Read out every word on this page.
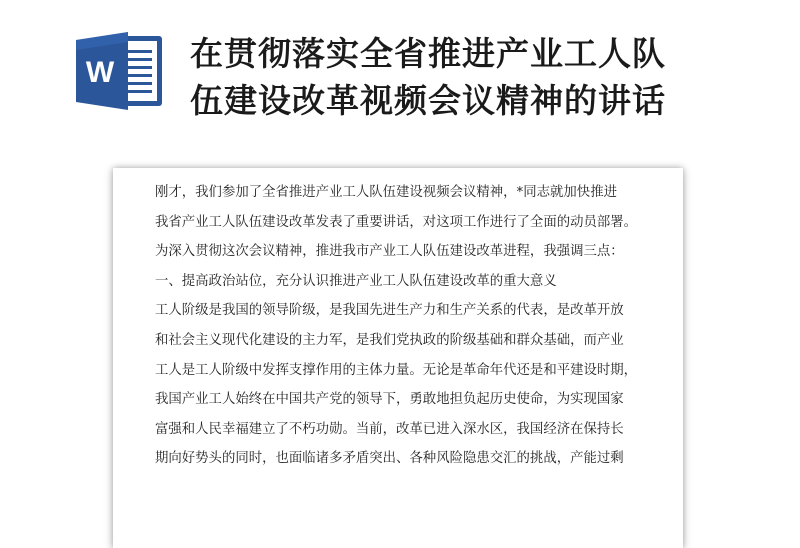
W 在贯彻落实全省推进产业工人队
伍建设改革视频会议精神的讲话

刚才，我们参加了全省推进产业工人队伍建设视频会议精神，*同志就加快推进

我省产业工人队伍建设改革发表了重要讲话，对这项工作进行了全面的动员部署。

为深入贯彻这次会议精神，推进我市产业工人队伍建设改革进程，我强调三点：

一、提高政治站位，充分认识推进产业工人队伍建设改革的重大意义

工人阶级是我国的领导阶级，是我国先进生产力和生产关系的代表，是改革开放

和社会主义现代化建设的主力军，是我们党执政的阶级基础和群众基础，而产业

工人是工人阶级中发挥支撑作用的主体力量。无论是革命年代还是和平建设时期，

我国产业工人始终在中国共产党的领导下，勇敢地担负起历史使命，为实现国家

富强和人民幸福建立了不朽功勋。当前，改革已进入深水区，我国经济在保持长

期向好势头的同时，也面临诸多矛盾突出、各种风险隐患交汇的挑战，产能过剩
